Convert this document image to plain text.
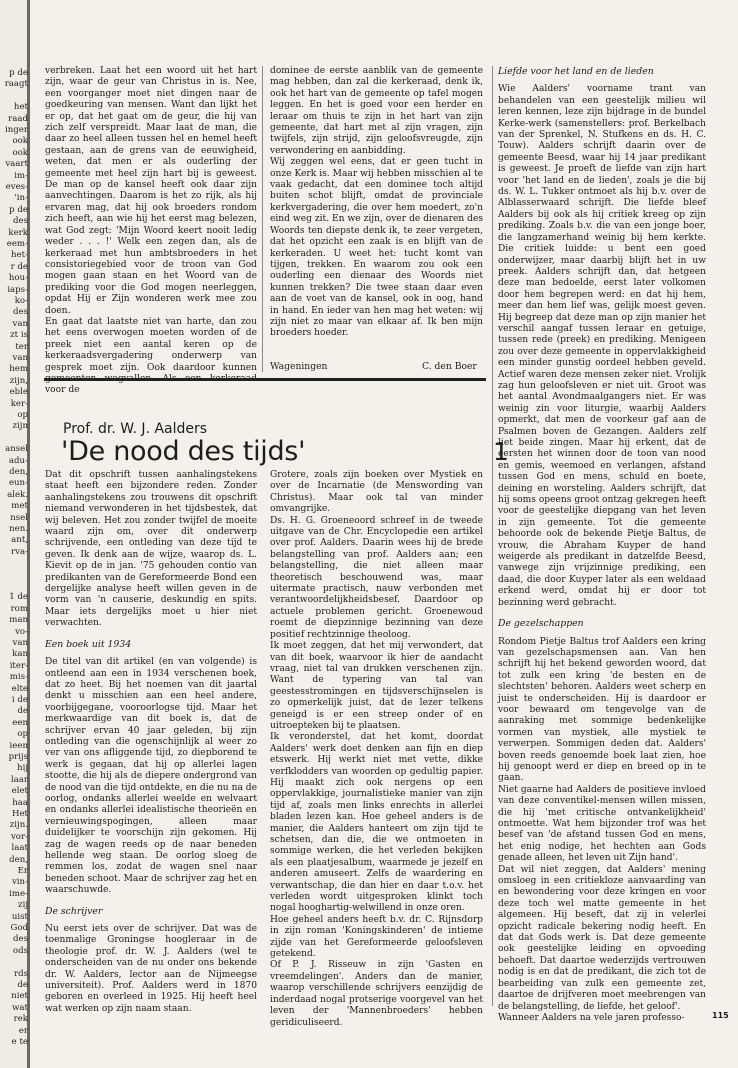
p de
raagt
het
raad
inger
ook
ook
vaart
im-
eves-
'in-
p de
des
kerk
eem-
het-
r de
hou-
iaps-
ko-
des
van
zt is
ter
van
hem
zijn,
eble
ker-
op
zijn
ansel
adu-
den,
eun-
alek.
met
nsel
nen.
ant,
rva-
1 de
rom
man
vo-
van
kan
iter-
mis-
elte
i de
de
een
op
ieen
prijs
hij
laar
elet
haa
Het
zijn.
vor-
laat
den,
Er
vin-
ime-
zij
uist
God
des
ods
rds
de
niet
wat
rek
er
e te

verbreken. Laat het een woord uit het hart zijn, waar de geur van Christus in is. Nee, een voorganger moet niet dingen naar de goedkeuring van mensen. Want dan lijkt het er op, dat het gaat om de geur, die hij van zich zelf verspreidt. Maar laat de man, die daar zo heel alleen tussen hel en hemel heeft gestaan, aan de grens van de eeuwigheid, weten, dat men er als ouderling der gemeente met heel zijn hart bij is geweest. De man op de kansel heeft ook daar zijn aanvechtingen. Daarom is het zo rijk, als hij ervaren mag, dat hij ook broeders rondom zich heeft, aan wie hij het eerst mag belezen, wat God zegt: 'Mijn Woord keert nooit ledig weder . . . !' Welk een zegen dan, als de kerkeraad met hun ambtsbroeders in het consistoriegebied voor de troon van God mogen gaan staan en het Woord van de prediking voor die God mogen neerleggen, opdat Hij er Zijn wonderen werk mee zou doen.

En gaat dat laatste niet van harte, dan zou het eens overwogen moeten worden of de preek niet een aantal keren op de kerkeraadsvergadering onderwerp van gesprek moet zijn. Ook daardoor kunnen voor de

dominee de eerste aanblik van de gemeente mag hebben, dan zal die kerkeraad, denk ik, ook het hart van de gemeente op tafel mogen leggen. En het is goed voor een herder en leraar om thuis te zijn in het hart van zijn gemeente, dat hart met al zijn vragen, zijn twijfels, zijn strijd, zijn geloofsvreugde, zijn verwondering en aanbidding.

Wij zeggen wel eens, dat er geen tucht in onze Kerk is. Maar wij hebben misschien al te vaak gedacht, dat een dominee toch altijd buiten schot blijft, omdat de provinciale kerkvergadering, die over hem moedert, zo'n eind weg zit. En we zijn, over de dienaren des Woords ten diepste denk ik, te zeer vergeten, dat het opzicht een zaak is en blijft van de kerkeraden. U weet het: tucht komt van tijgen, trekken. En waarom zou ook een ouderling een dienaar des Woords niet kunnen trekken? Die twee staan daar even aan de voet van de kansel, ook in oog, hand in hand. En ieder van hen mag het weten: wij zijn niet zo maar van elkaar af. Ik ben mijn broeders hoeder.

Wageningen	C. den Boer
Prof. dr. W. J. Aalders
'De nood des tijds'	1

Dat dit opschrift tussen aanhalingstekens staat heeft een bijzondere reden. Zonder aanhalingstekens zou trouwens dit opschrift niemand verwonderen in het tijdsbestek, dat wij beleven. Het zou zonder twijfel de moeite waard zijn om, over dit onderwerp schrijvende, een ontleding van deze tijd te geven. Ik denk aan de wijze, waarop ds. L. Kievit op de in jan. '75 gehouden contio van predikanten van de Gereformeerde Bond een dergelijke analyse heeft willen geven in de vorm van 'n causerie, deskundig en spits. Maar iets dergelijks moet u hier niet verwachten.

Een boek uit 1934

De titel van dit artikel (en van volgende) is ontleend aan een in 1934 verschenen boek, dat zo heet. Bij het noemen van dit jaartal denkt u misschien aan een heel andere, voorbijgegane, vooroorlogse tijd. Maar het merkwaardige van dit boek is, dat de schrijver ervan 40 jaar geleden, bij zijn ontleding van die ogenschijnlijk al weer zo ver van ons afliggende tijd, zo diepborend te werk is gegaan, dat hij op allerlei lagen stootte, die hij als de diepere ondergrond van de nood van die tijd ontdekte, en die nu na de oorlog, ondanks allerlei weelde en welvaart en ondanks allerlei idealistische theorieën en vernieuwingspogingen, alleen maar duidelijker te voorschijn zijn gekomen. Hij zag de wagen reeds op de naar beneden hellende weg staan. De oorlog sloeg de remmen los, zodat de wagen snel naar beneden schoot. Maar de schrijver zag het en waarschuwde.

De schrijver

Nu eerst iets over de schrijver. Dat was de toenmalige Groningse hoogleraar in de theologie prof. dr. W. J. Aalders (wel te onderscheiden van de nu onder ons bekende dr. W. Aalders, lector aan de Nijmeegse universiteit). Prof. Aalders werd in 1870 geboren en overleed in 1925. Hij heeft heel wat werken op zijn naam staan.

Grotere, zoals zijn boeken over Mystiek en over de Incarnatie (de Menswording van Christus). Maar ook tal van minder omvangrijke.

Ds. H. G. Groeneoord schreef in de tweede uitgave van de Chr. Encyclopedie een artikel over prof. Aalders. Daarin wees hij de brede belangstelling van prof. Aalders aan; een belangstelling, die niet alleen maar theoretisch beschouwend was, maar uitermate practisch, nauw verbonden met verantwoordelijkheidsbesef. Daardoor op actuele problemen gericht. Groenewoud roemt de diepzinnige bezinning van deze positief rechtzinnige theoloog.

Ik moet zeggen, dat het mij verwondert, dat van dit boek, waarvoor ik hier de aandacht vraag, niet tal van drukken verschenen zijn. Want de typering van tal van geestesstromingen en tijdsverschijnselen is zo opmerkelijk juist, dat de lezer telkens geneigd is er een streep onder of en uitroepteken bij te plaatsen.

Ik veronderstel, dat het komt, doordat Aalders' werk doet denken aan fijn en diep etswerk. Hij werkt niet met vette, dikke verfklodders van woorden op gedultig papier. Hij maakt zich ook nergens op een oppervlakkige, journalistieke manier van zijn tijd af, zoals men links enrechts in allerlei bladen lezen kan. Hoe geheel anders is de manier, die Aalders hanteert om zijn tijd te schetsen, dan die, die we ontmoeten in sommige werken, die het verleden bekijken als een plaatjesalbum, waarmede je jezelf en anderen amuseert. Zelfs de waardering en verwantschap, die dan hier en daar t.o.v. het verleden wordt uitgesproken klinkt toch nogal hooghartig-welwillend in onze oren.

Hoe geheel anders heeft b.v. dr. C. Rijnsdorp in zijn roman 'Koningskinderen' de intieme zijde van het Gereformeerde geloofsleven getekend.

Of P. J. Risseuw in zijn 'Gasten en vreemdelingen'. Anders dan de manier, waarop verschillende schrijvers eenzijdig de inderdaad nogal protserige voorgevel van het leven der 'Mannenbroeders' hebben geridiculiseerd.

Liefde voor het land en de lieden

Wie Aalders' voorname trant van behandelen van een geestelijk milieu wil leren kennen, leze zijn bijdrage in de bundel Kerke-werk (samenstellers: prof. Berkelbach van der Sprenkel, N. Stufkens en ds. H. C. Touw). Aalders schrijft daarin over de gemeente Beesd, waar hij 14 jaar predikant is geweest. Je proeft de liefde van zijn hart voor 'het land en de lieden', zoals je die bij ds. W. L. Tukker ontmoet als hij b.v. over de Alblasserwaard schrijft. Die liefde bleef Aalders bij ook als hij critiek kreeg op zijn prediking. Zoals b.v. die van een jonge boer, die langzamerhand weinig bij hem kerkte. Die critiek luidde: u bent een goed onderwijzer, maar daarbij blijft het in uw preek. Aalders schrijft dan, dat hetgeen deze man bedoelde, eerst later volkomen door hem begrepen werd: en dat hij hem, meer dan hem lief was, gelijk moest geven. Hij begreep dat deze man op zijn manier het verschil aangaf tussen leraar en getuige, tussen rede (preek) en prediking. Menigeen zou over deze gemeente in oppervlakkigheid een minder gunstig oordeel hebben geveld. Actief waren deze mensen zeker niet. Vrolijk zag hun geloofsleven er niet uit. Groot was het aantal Avondmaalgangers niet. Er was weinig zin voor liturgie, waarbij Aalders opmerkt, dat men de voorkeur gaf aan de Psalmen boven de Gezangen. Aalders zelf liet beide zingen. Maar hij erkent, dat de eersten het winnen door de toon van nood en gemis, weemoed en verlangen, afstand tussen God en mens, schuld en boete, deining en worsteling. Aalders schrijft, dat hij soms opeens groot ontzag gekregen heeft voor de geestelijke diepgang van het leven in zijn gemeente. Tot die gemeente behoorde ook de bekende Pietje Baltus, de vrouw, die Abraham Kuyper de hand weigerde als predikant in datzelfde Beesd, vanwege zijn vrijzinnige prediking, een daad, die door Kuyper later als een weldaad erkend werd, omdat hij er door tot bezinning werd gebracht.

De gezelschappen

Rondom Pietje Baltus trof Aalders een kring van gezelschapsmensen aan. Van hen schrijft hij het bekend geworden woord, dat tot zulk een kring 'de besten en de slechtsten' behoren. Aalders weet scherp en juist te onderscheiden. Hij is daardoor er voor bewaard om tengevolge van de aanraking met sommige bedenkelijke vormen van mystiek, alle mystiek te verwerpen. Sommigen deden dat. Aalders' boven reeds genoemde boek laat zien, hoe hij genoopt werd er diep en breed op in te gaan.

Niet gaarne had Aalders de positieve invloed van deze conventikel-mensen willen missen, die hij 'met critische ontvankelijkheid' ontmoette. Wat hem bijzonder trof was het besef van 'de afstand tussen God en mens, het enig nodige, het hechten aan Gods genade alleen, het leven uit Zijn hand'.

Dat wil niet zeggen, dat Aalders' mening omsloeg in een critiekloze aanvaarding van en bewondering voor deze kringen en voor deze toch wel matte gemeente in het algemeen. Hij beseft, dat zij in velerlei opzicht radicale bekering nodig heeft. En dat dat Gods werk is. Dat deze gemeente ook geestelijke leiding en opvoeding behoeft. Dat daartoe wederzijds vertrouwen nodig is en dat de predikant, die zich tot de bearbeiding van zulk een gemeente zet, daartoe de drijfveren moet meebrengen van de belangstelling, de liefde, het geloof'.

Wanneer Aalders na vele jaren professo-	115
